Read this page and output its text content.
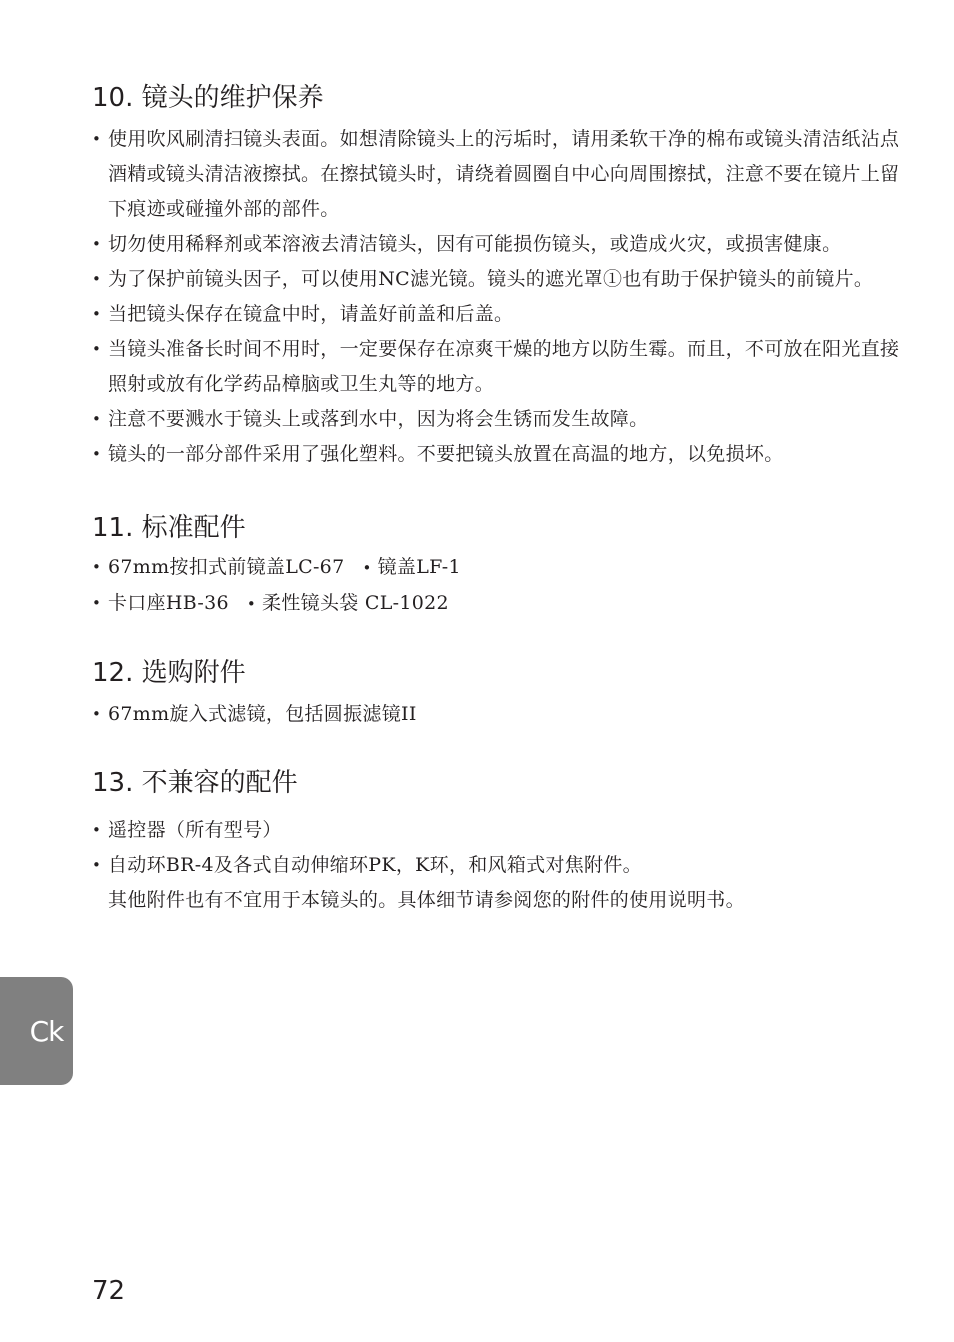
10. 镜头的维护保养
• 使用吹风刷清扫镜头表面。如想清除镜头上的污垢时，请用柔软干净的棉布或镜头清洁纸沾点酒精或镜头清洁液擦拭。在擦拭镜头时，请绕着圆圈自中心向周围擦拭，注意不要在镜片上留下痕迹或碰撞外部的部件。
• 切勿使用稀释剂或苯溶液去清洁镜头，因有可能损伤镜头，或造成火灾，或损害健康。
• 为了保护前镜头因子，可以使用NC滤光镜。镜头的遮光罩①也有助于保护镜头的前镜片。
• 当把镜头保存在镜盒中时，请盖好前盖和后盖。
• 当镜头准备长时间不用时，一定要保存在凉爽干燥的地方以防生霉。而且，不可放在阳光直接照射或放有化学药品樟脑或卫生丸等的地方。
• 注意不要溅水于镜头上或落到水中，因为将会生锈而发生故障。
• 镜头的一部分部件采用了强化塑料。不要把镜头放置在高温的地方，以免损坏。
11. 标准配件
• 67mm按扣式前镜盖LC-67 • 镜盖LF-1
• 卡口座HB-36 • 柔性镜头袋 CL-1022
12. 选购附件
• 67mm旋入式滤镜，包括圆振滤镜II
13. 不兼容的配件
• 遥控器（所有型号）
• 自动环BR-4及各式自动伸缩环PK，K环，和风箱式对焦附件。

其他附件也有不宜用于本镜头的。具体细节请参阅您的附件的使用说明书。

Ck
72
